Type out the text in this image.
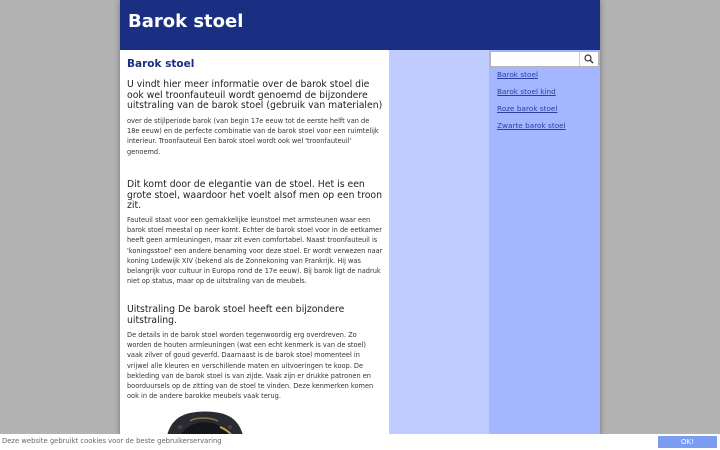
Barok stoel
Barok stoel
U vindt hier meer informatie over de barok stoel die ook wel troonfauteuil wordt genoemd de bijzondere uitstraling van de barok stoel (gebruik van materialen)

over de stijlperiode barok (van begin 17e eeuw tot de eerste helft van de 18e eeuw) en de perfecte combinatie van de barok stoel voor een ruimtelijk interieur. Troonfauteuil Een barok stoel wordt ook wel 'troonfauteuil' genoemd.

Dit komt door de elegantie van de stoel. Het is een grote stoel, waardoor het voelt alsof men op een troon zit.

Fauteuil staat voor een gemakkelijke leunstoel met armsteunen waar een barok stoel meestal op neer komt. Echter de barok stoel voor in de eetkamer heeft geen armleuningen, maar zit even comfortabel. Naast troonfauteuil is 'koningsstoel' een andere benaming voor deze stoel. Er wordt verwezen naar koning Lodewijk XIV (bekend als de Zonnekoning van Frankrijk. Hij was belangrijk voor cultuur in Europa rond de 17e eeuw). Bij barok ligt de nadruk niet op status, maar op de uitstraling van de meubels.

Uitstraling De barok stoel heeft een bijzondere uitstraling.

De details in de barok stoel worden tegenwoordig erg overdreven. Zo worden de houten armleuningen (wat een echt kenmerk is van de stoel) vaak zilver of goud geverfd. Daarnaast is de barok stoel momenteel in vrijwel alle kleuren en verschillende maten en uitvoeringen te koop. De bekleding van de barok stoel is van zijde. Vaak zijn er drukke patronen en boorduursels op de zitting van de stoel te vinden. Deze kenmerken komen ook in de andere barokke meubels vaak terug.

Barok stoel
Barok stoel kind
Roze barok stoel
Zwarte barok stoel
Deze website gebruikt cookies voor de beste gebruikerservaring	OK!
